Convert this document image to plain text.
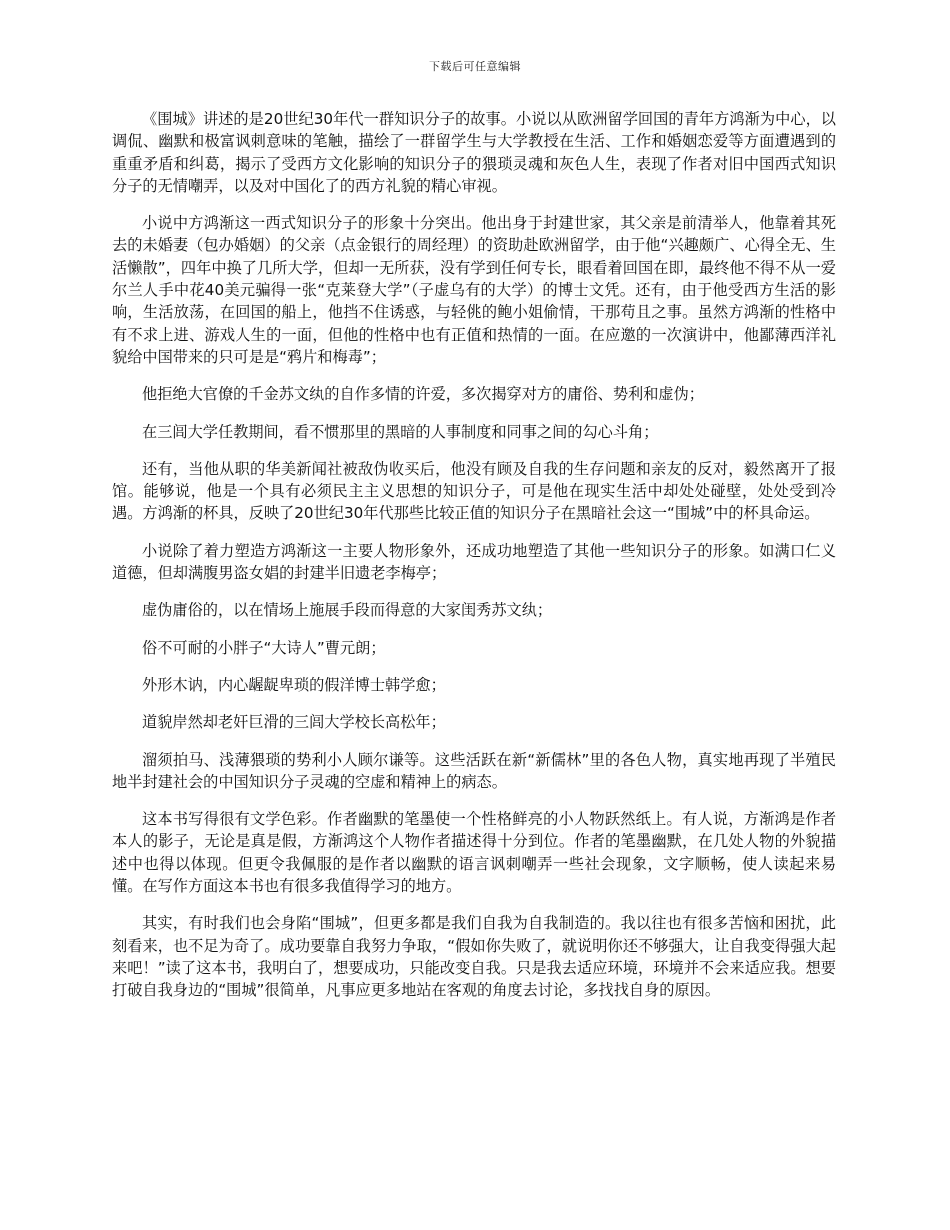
下载后可任意编辑

《围城》讲述的是20世纪30年代一群知识分子的故事。小说以从欧洲留学回国的青年方鸿渐为中心，以调侃、幽默和极富讽刺意味的笔触，描绘了一群留学生与大学教授在生活、工作和婚姻恋爱等方面遭遇到的重重矛盾和纠葛，揭示了受西方文化影响的知识分子的猥琐灵魂和灰色人生，表现了作者对旧中国西式知识分子的无情嘲弄，以及对中国化了的西方礼貌的精心审视。

小说中方鸿渐这一西式知识分子的形象十分突出。他出身于封建世家，其父亲是前清举人，他靠着其死去的未婚妻（包办婚姻）的父亲（点金银行的周经理）的资助赴欧洲留学，由于他“兴趣颇广、心得全无、生活懒散”，四年中换了几所大学，但却一无所获，没有学到任何专长，眼看着回国在即，最终他不得不从一爱尔兰人手中花40美元骗得一张“克莱登大学”（子虚乌有的大学）的博士文凭。还有，由于他受西方生活的影响，生活放荡，在回国的船上，他挡不住诱惑，与轻佻的鲍小姐偷情，干那苟且之事。虽然方鸿渐的性格中有不求上进、游戏人生的一面，但他的性格中也有正值和热情的一面。在应邀的一次演讲中，他鄙薄西洋礼貌给中国带来的只可是是“鸦片和梅毒”；

他拒绝大官僚的千金苏文纨的自作多情的许爱，多次揭穿对方的庸俗、势利和虚伪；

在三闾大学任教期间，看不惯那里的黑暗的人事制度和同事之间的勾心斗角；

还有，当他从职的华美新闻社被敌伪收买后，他没有顾及自我的生存问题和亲友的反对，毅然离开了报馆。能够说，他是一个具有必须民主主义思想的知识分子，可是他在现实生活中却处处碰壁，处处受到冷遇。方鸿渐的杯具，反映了20世纪30年代那些比较正值的知识分子在黑暗社会这一“围城”中的杯具命运。

小说除了着力塑造方鸿渐这一主要人物形象外，还成功地塑造了其他一些知识分子的形象。如满口仁义道德，但却满腹男盗女娼的封建半旧遗老李梅亭；

虚伪庸俗的，以在情场上施展手段而得意的大家闺秀苏文纨；

俗不可耐的小胖子“大诗人”曹元朗；

外形木讷，内心龌龊卑琐的假洋博士韩学愈；

道貌岸然却老奸巨滑的三闾大学校长高松年；

溜须拍马、浅薄猥琐的势利小人顾尔谦等。这些活跃在新“新儒林”里的各色人物，真实地再现了半殖民地半封建社会的中国知识分子灵魂的空虚和精神上的病态。

这本书写得很有文学色彩。作者幽默的笔墨使一个性格鲜亮的小人物跃然纸上。有人说，方渐鸿是作者本人的影子，无论是真是假，方渐鸿这个人物作者描述得十分到位。作者的笔墨幽默，在几处人物的外貌描述中也得以体现。但更令我佩服的是作者以幽默的语言讽刺嘲弄一些社会现象，文字顺畅，使人读起来易懂。在写作方面这本书也有很多我值得学习的地方。

其实，有时我们也会身陷“围城”，但更多都是我们自我为自我制造的。我以往也有很多苦恼和困扰，此刻看来，也不足为奇了。成功要靠自我努力争取，“假如你失败了，就说明你还不够强大，让自我变得强大起来吧！”读了这本书，我明白了，想要成功，只能改变自我。只是我去适应环境，环境并不会来适应我。想要打破自我身边的“围城”很简单，凡事应更多地站在客观的角度去讨论，多找找自身的原因。
